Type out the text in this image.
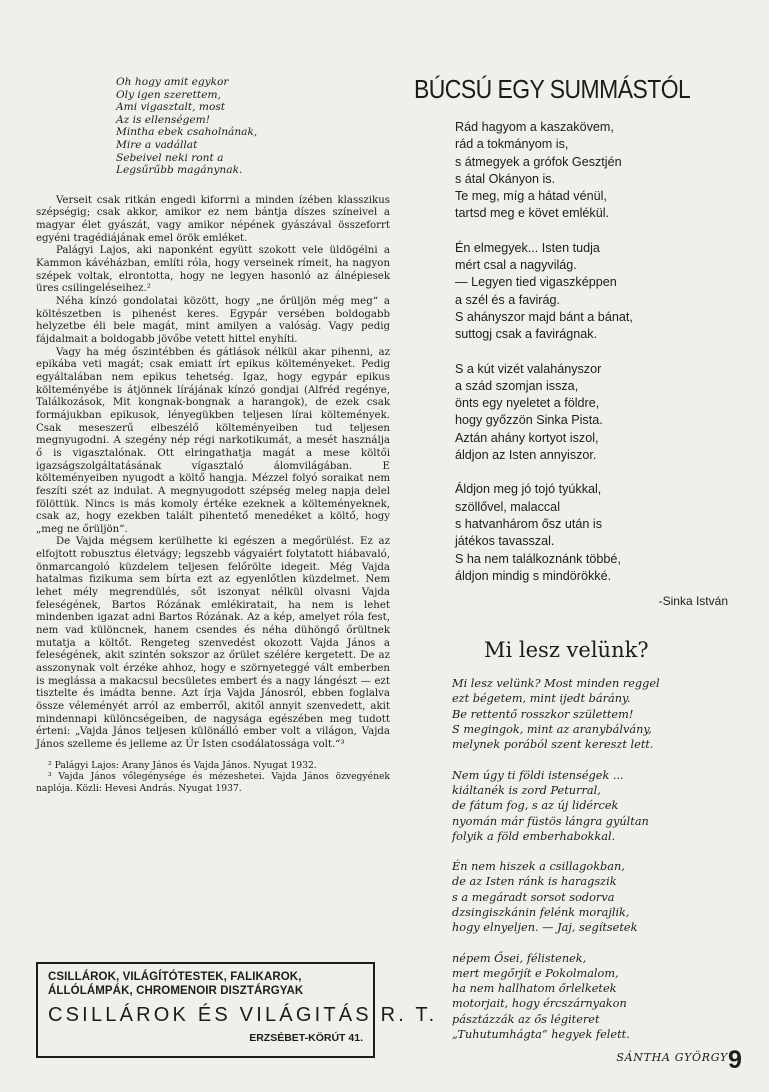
Oh hogy amit egykor
Oly igen szerettem,
Ami vigasztalt, most
Az is ellenségem!
Mintha ebek csaholnának,
Mire a vadállat
Sebeivel neki ront a
Legsűrűbb magánynak.

Verseit csak ritkán engedi kiforrni a minden ízében klasszikus szépségig; csak akkor, amikor ez nem bántja díszes színeivel a magyar élet gyászát, vagy amikor népének gyászával összeforrt egyéni tragédiájának emel örök emléket.

Palágyi Lajos, aki naponként együtt szokott vele üldögélni a Kammon kávéházban, említi róla, hogy verseinek rímeit, ha nagyon szépek voltak, elrontotta, hogy ne legyen hasonló az álnépiesek üres csilingeléseihez.²

Néha kínzó gondolatai között, hogy „ne őrüljön még meg“ a költészetben is pihenést keres. Egypár versében boldogabb helyzetbe éli bele magát, mint amilyen a valóság. Vagy pedig fájdalmait a boldogabb jövőbe vetett hittel enyhíti.

Vagy ha még őszintébben és gátlások nélkül akar pihenni, az epikába veti magát; csak emiatt írt epikus költeményeket. Pedig egyáltalában nem epikus tehetség. Igaz, hogy egypár epikus költeményébe is átjönnek lírájának kínzó gondjai (Alfréd regénye, Találkozások, Mit kongnak-bongnak a harangok), de ezek csak formájukban epikusok, lényegükben teljesen lírai költemények. Csak meseszerű elbeszélő költeményeiben tud teljesen megnyugodni. A szegény nép régi narkotikumát, a mesét használja ő is vigasztalónak. Ott elringathatja magát a mese költői igazságszolgáltatásának vígasztaló álomvilágában. E költeményeiben nyugodt a költő hangja. Mézzel folyó soraikat nem feszíti szét az indulat. A megnyugodott szépség meleg napja delel fölöttük. Nincs is más komoly értéke ezeknek a költeményeknek, csak az, hogy ezekben talált pihentető menedéket a költő, hogy „meg ne őrüljön“.

De Vajda mégsem kerülhette ki egészen a megőrülést. Ez az elfojtott robusztus életvágy; legszebb vágyaiért folytatott hiábavaló, önmarcangoló küzdelem teljesen felőrölte idegeit. Még Vajda hatalmas fizikuma sem bírta ezt az egyenlőtlen küzdelmet. Nem lehet mély megrendülés, sőt iszonyat nélkül olvasni Vajda feleségének, Bartos Rózának emlékiratait, ha nem is lehet mindenben igazat adni Bartos Rózának. Az a kép, amelyet róla fest, nem vad különcnek, hanem csendes és néha dühöngő őrültnek mutatja a költőt. Rengeteg szenvedést okozott Vajda János a feleségének, akit szintén sokszor az őrület szélére kergetett. De az asszonynak volt érzéke ahhoz, hogy e szörnyeteggé vált emberben is meglássa a makacsul becsületes embert és a nagy lángészt — ezt tisztelte és imádta benne. Azt írja Vajda Jánosról, ebben foglalva össze véleményét arról az emberről, akitől annyit szenvedett, akit mindennapi különcségeiben, de nagysága egészében meg tudott érteni: „Vajda János teljesen különálló ember volt a világon, Vajda János szelleme és jelleme az Úr Isten csodálatossága volt.“³

² Palágyi Lajos: Arany János és Vajda János. Nyugat 1932.

³ Vajda János vőlegénysége és mézeshetei. Vajda János özvegyének naplója. Közli: Hevesi András. Nyugat 1937.

CSILLÁROK, VILÁGÍTÓTESTEK, FALIKAROK,
ÁLLÓLÁMPÁK, CHROMENOIR DISZTÁRGYAK
CSILLÁROK ÉS VILÁGITÁS R. T.
ERZSÉBET-KÖRÚT 41.
BÚCSÚ EGY SUMMÁSTÓL
Rád hagyom a kaszakövem,
rád a tokmányom is,
s átmegyek a grófok Gesztjén
s átal Okányon is.
Te meg, míg a hátad vénül,
tartsd meg e követ emlékül.
Én elmegyek... Isten tudja
mért csal a nagyvilág.
— Legyen tied vigaszképpen
a szél és a favirág.
S ahányszor majd bánt a bánat,
suttogj csak a favirágnak.
S a kút vizét valahányszor
a szád szomjan issza,
önts egy nyeletet a földre,
hogy győzzön Sinka Pista.
Aztán ahány kortyot iszol,
áldjon az Isten annyiszor.
Áldjon meg jó tojó tyúkkal,
szöllővel, malaccal
s hatvanhárom ősz után is
játékos tavasszal.
S ha nem találkoznánk többé,
áldjon mindig s mindörökké.
-Sinka István
Mi lesz velünk?
Mi lesz velünk? Most minden reggel
ezt bégetem, mint ijedt bárány.
Be rettentő rosszkor születtem!
S megingok, mint az aranybálvány,
melynek porából szent kereszt lett.
Nem úgy ti földi istenségek ...
kiáltanék is zord Peturral,
de fátum fog, s az új lidércek
nyomán már füstös lángra gyúltan
folyik a föld emberhabokkal.
Én nem hiszek a csillagokban,
de az Isten ránk is haragszik
s a megáradt sorsot sodorva
dzsingiszkánin felénk morajlik,
hogy elnyeljen. — Jaj, segítsetek
népem Ősei, félistenek,
mert megőrjít e Pokolmalom,
ha nem hallhatom őrlelketek
motorjait, hogy ércszárnyakon
pásztázzák az ős légiteret
„Tuhutumhágta“ hegyek felett.
SÁNTHA GYÖRGY 9
